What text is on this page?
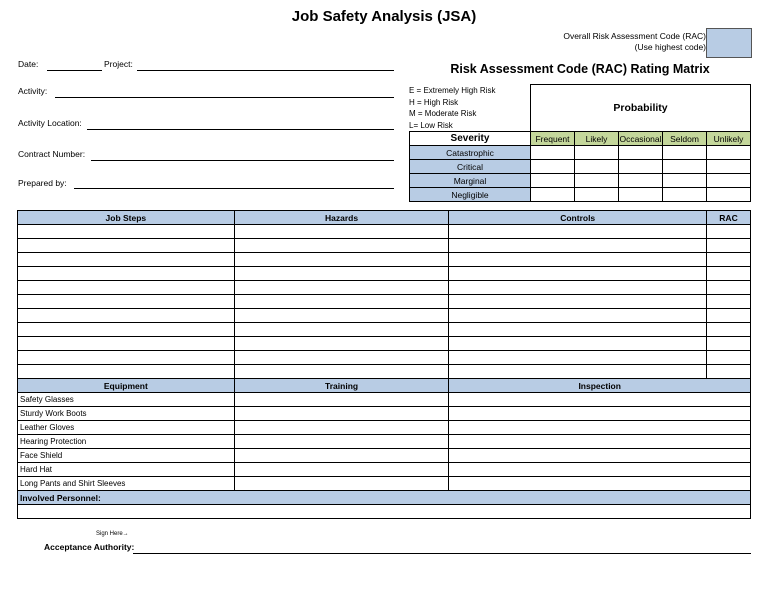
Job Safety Analysis (JSA)
Overall Risk Assessment Code (RAC)
(Use highest code)
Date:	Project:
Activity:
Activity Location:
Contract Number:
Prepared by:
Risk Assessment Code (RAC) Rating Matrix
	Probability				
Severity	Frequent	Likely	Occasional	Seldom	Unlikely
Catastrophic					
Critical					
Marginal					
Negligible					
E = Extremely High Risk
H = High Risk
M = Moderate Risk
L= Low Risk
Job Steps	Hazards	Controls	RAC

Equipment	Training	Inspection	
Safety Glasses			
Sturdy Work Boots			
Leather Gloves			
Hearing Protection			
Face Shield			
Hard Hat			
Long Pants and Shirt Sleeves			
Involved Personnel:			

Sign Here→
Acceptance Authority:
